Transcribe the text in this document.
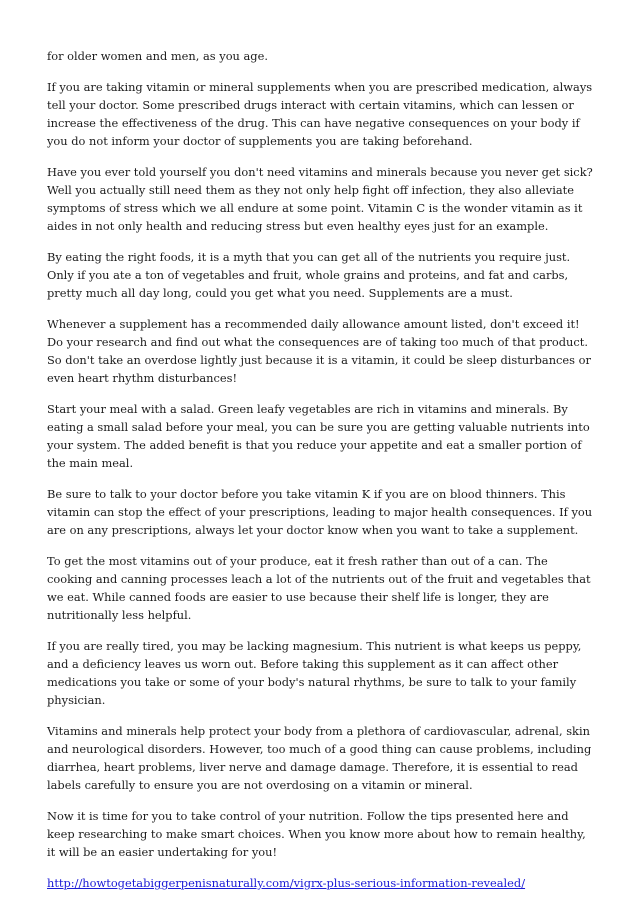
for older women and men, as you age.

If you are taking vitamin or mineral supplements when you are prescribed medication, always tell your doctor. Some prescribed drugs interact with certain vitamins, which can lessen or increase the effectiveness of the drug. This can have negative consequences on your body if you do not inform your doctor of supplements you are taking beforehand.

Have you ever told yourself you don't need vitamins and minerals because you never get sick? Well you actually still need them as they not only help fight off infection, they also alleviate symptoms of stress which we all endure at some point. Vitamin C is the wonder vitamin as it aides in not only health and reducing stress but even healthy eyes just for an example.

By eating the right foods, it is a myth that you can get all of the nutrients you require just. Only if you ate a ton of vegetables and fruit, whole grains and proteins, and fat and carbs, pretty much all day long, could you get what you need. Supplements are a must.

Whenever a supplement has a recommended daily allowance amount listed, don't exceed it! Do your research and find out what the consequences are of taking too much of that product. So don't take an overdose lightly just because it is a vitamin, it could be sleep disturbances or even heart rhythm disturbances!

Start your meal with a salad. Green leafy vegetables are rich in vitamins and minerals. By eating a small salad before your meal, you can be sure you are getting valuable nutrients into your system. The added benefit is that you reduce your appetite and eat a smaller portion of the main meal.

Be sure to talk to your doctor before you take vitamin K if you are on blood thinners. This vitamin can stop the effect of your prescriptions, leading to major health consequences. If you are on any prescriptions, always let your doctor know when you want to take a supplement.

To get the most vitamins out of your produce, eat it fresh rather than out of a can. The cooking and canning processes leach a lot of the nutrients out of the fruit and vegetables that we eat. While canned foods are easier to use because their shelf life is longer, they are nutritionally less helpful.

If you are really tired, you may be lacking magnesium. This nutrient is what keeps us peppy, and a deficiency leaves us worn out. Before taking this supplement as it can affect other medications you take or some of your body's natural rhythms, be sure to talk to your family physician.

Vitamins and minerals help protect your body from a plethora of cardiovascular, adrenal, skin and neurological disorders. However, too much of a good thing can cause problems, including diarrhea, heart problems, liver nerve and damage damage. Therefore, it is essential to read labels carefully to ensure you are not overdosing on a vitamin or mineral.

Now it is time for you to take control of your nutrition. Follow the tips presented here and keep researching to make smart choices. When you know more about how to remain healthy, it will be an easier undertaking for you!

http://howtogetabiggerpenisnaturally.com/vigrx-plus-serious-information-revealed/
